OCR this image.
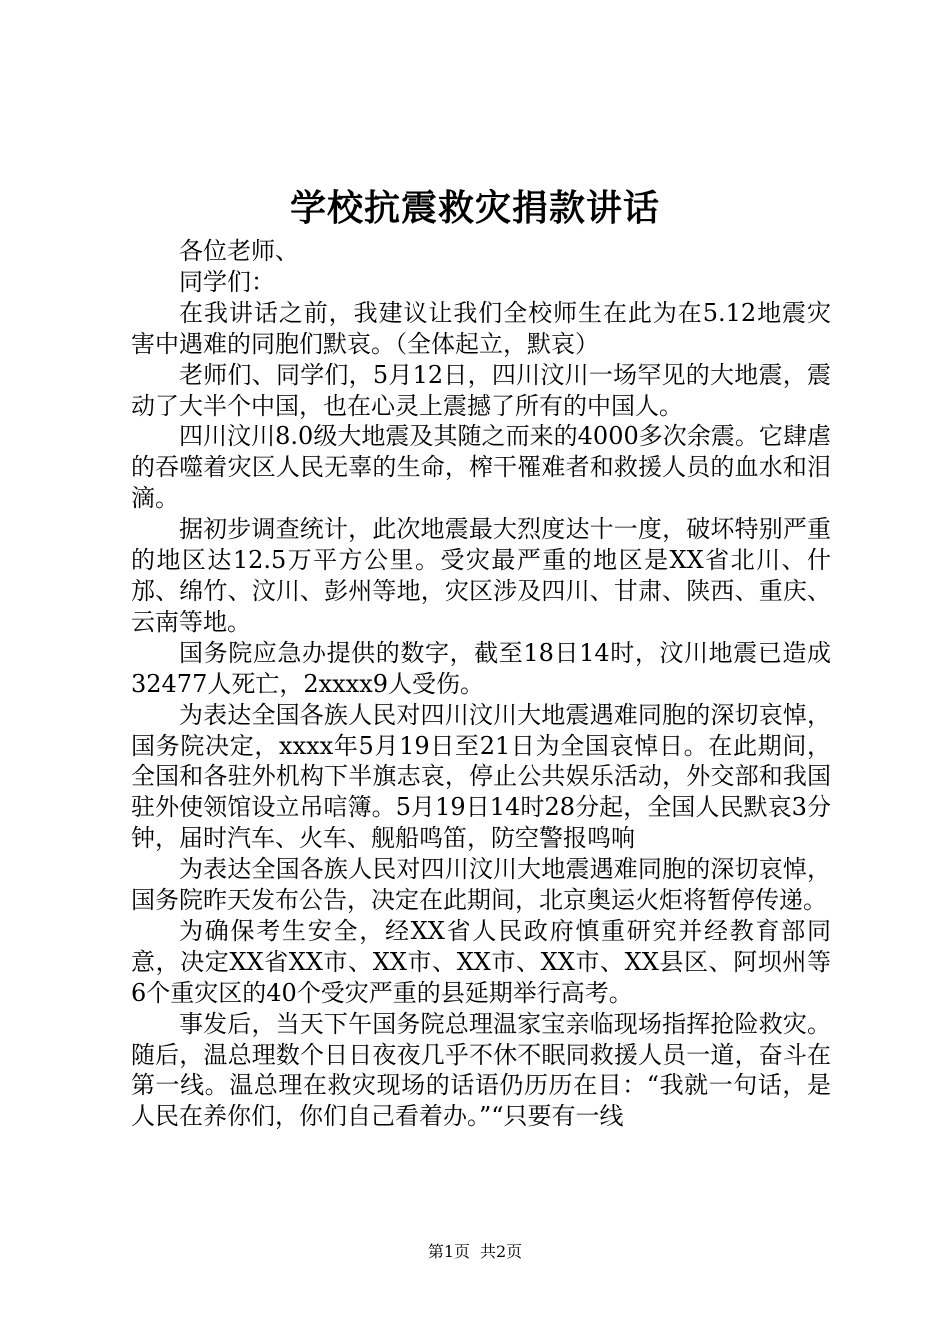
学校抗震救灾捐款讲话

各位老师、

同学们：

在我讲话之前，我建议让我们全校师生在此为在5.12地震灾害中遇难的同胞们默哀。（全体起立，默哀）

老师们、同学们，5月12日，四川汶川一场罕见的大地震，震动了大半个中国，也在心灵上震撼了所有的中国人。

四川汶川8.0级大地震及其随之而来的4000多次余震。它肆虐的吞噬着灾区人民无辜的生命，榨干罹难者和救援人员的血水和泪滴。

据初步调查统计，此次地震最大烈度达十一度，破坏特别严重的地区达12.5万平方公里。受灾最严重的地区是XX省北川、什邡、绵竹、汶川、彭州等地，灾区涉及四川、甘肃、陕西、重庆、云南等地。

国务院应急办提供的数字，截至18日14时，汶川地震已造成32477人死亡，2xxxx9人受伤。

为表达全国各族人民对四川汶川大地震遇难同胞的深切哀悼，国务院决定，xxxx年5月19日至21日为全国哀悼日。在此期间，全国和各驻外机构下半旗志哀，停止公共娱乐活动，外交部和我国驻外使领馆设立吊唁簿。5月19日14时28分起，全国人民默哀3分钟，届时汽车、火车、舰船鸣笛，防空警报鸣响

为表达全国各族人民对四川汶川大地震遇难同胞的深切哀悼，国务院昨天发布公告，决定在此期间，北京奥运火炬将暂停传递。

为确保考生安全，经XX省人民政府慎重研究并经教育部同意，决定XX省XX市、XX市、XX市、XX市、XX县区、阿坝州等6个重灾区的40个受灾严重的县延期举行高考。

事发后，当天下午国务院总理温家宝亲临现场指挥抢险救灾。随后，温总理数个日日夜夜几乎不休不眠同救援人员一道，奋斗在第一线。温总理在救灾现场的话语仍历历在目：“我就一句话，是人民在养你们，你们自己看着办。”“只要有一线

第1页 共2页
